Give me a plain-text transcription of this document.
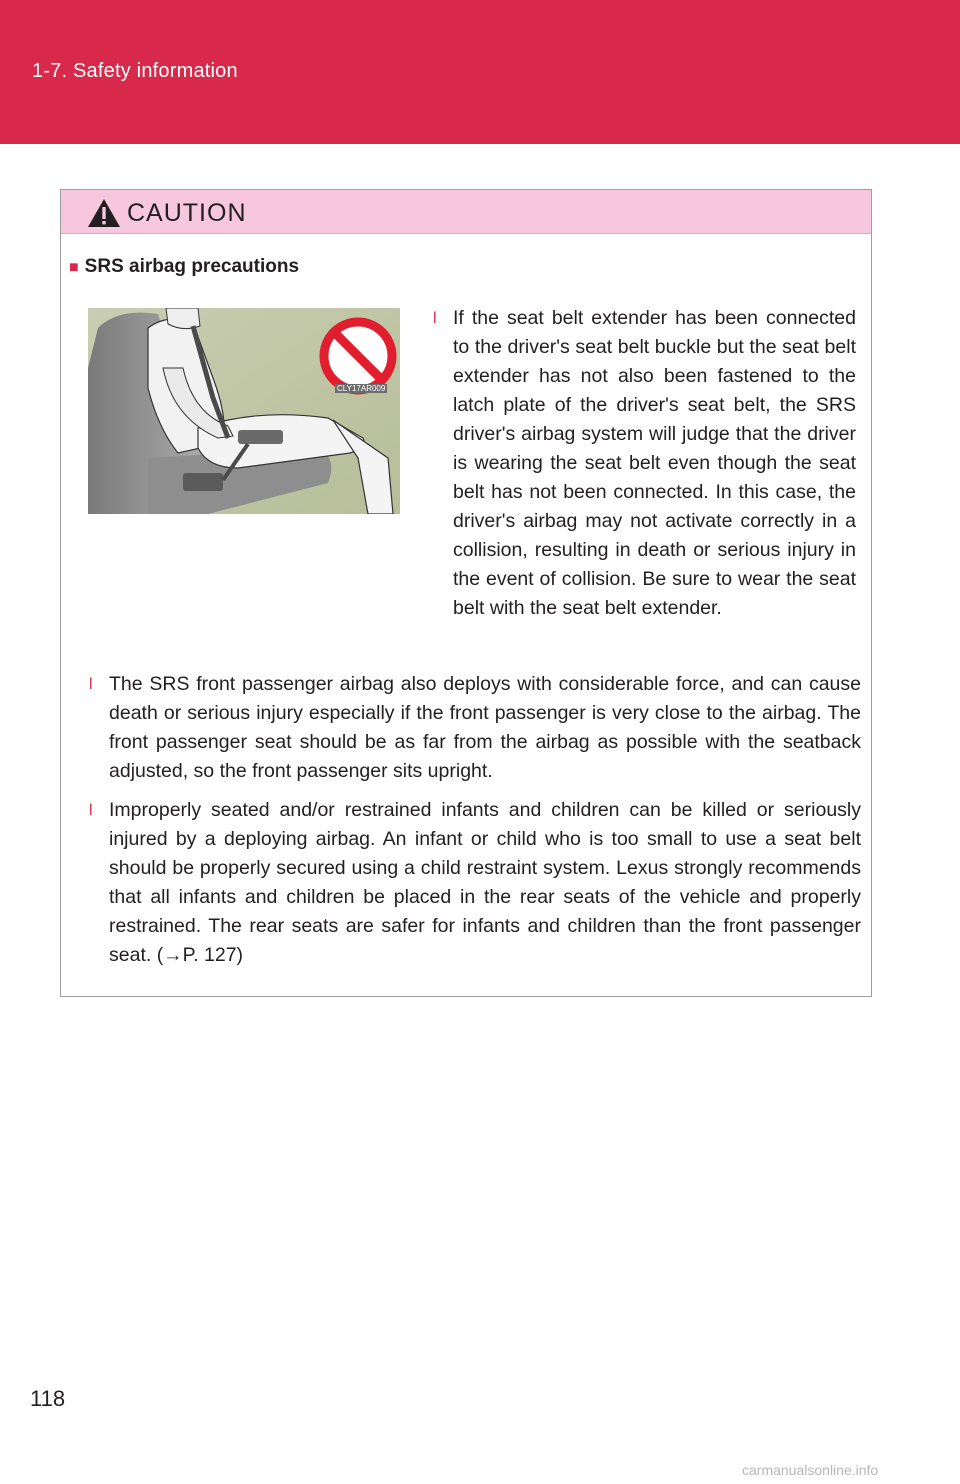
1-7. Safety information
CAUTION
■ SRS airbag precautions
CLY17AR009
l If the seat belt extender has been connected to the driver's seat belt buckle but the seat belt extender has not also been fastened to the latch plate of the driver's seat belt, the SRS driver's airbag system will judge that the driver is wearing the seat belt even though the seat belt has not been connected. In this case, the driver's airbag may not activate correctly in a collision, resulting in death or serious injury in the event of collision. Be sure to wear the seat belt with the seat belt extender.
l The SRS front passenger airbag also deploys with considerable force, and can cause death or serious injury especially if the front passenger is very close to the airbag. The front passenger seat should be as far from the airbag as possible with the seatback adjusted, so the front passenger sits upright.
l Improperly seated and/or restrained infants and children can be killed or seriously injured by a deploying airbag. An infant or child who is too small to use a seat belt should be properly secured using a child restraint system. Lexus strongly recommends that all infants and children be placed in the rear seats of the vehicle and properly restrained. The rear seats are safer for infants and children than the front passenger seat. (→P. 127)
118
carmanualsonline.info
